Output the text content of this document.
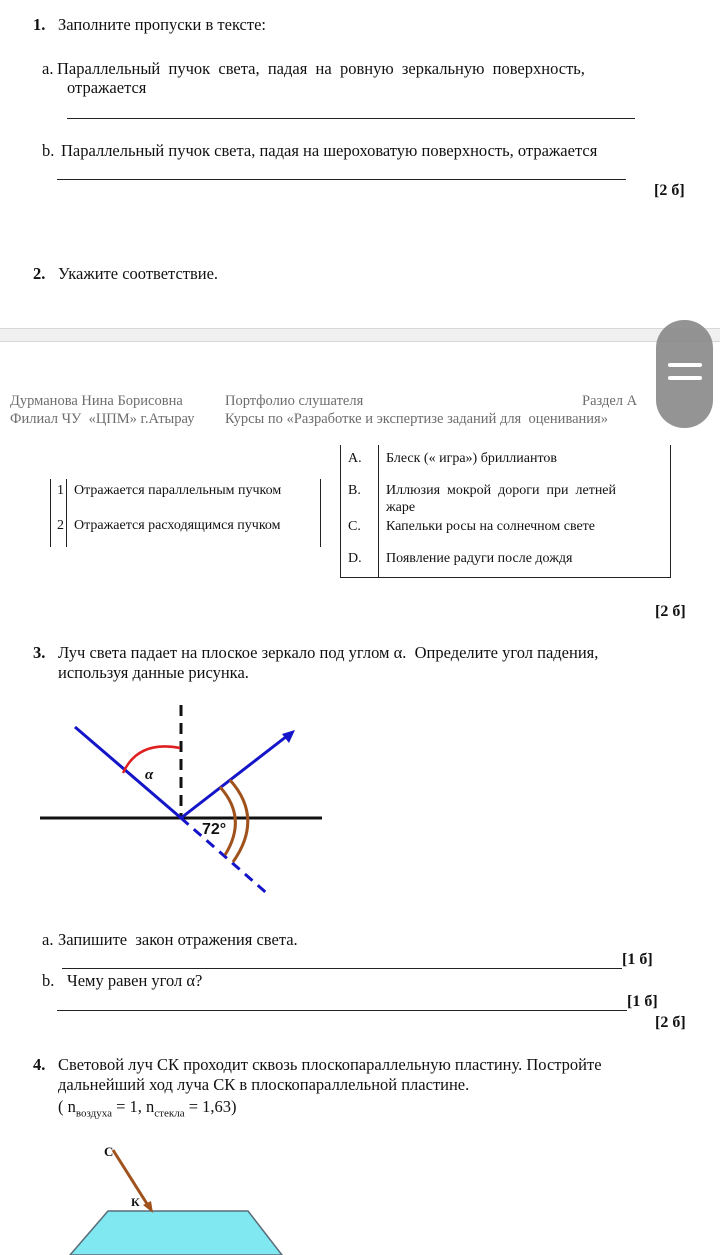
1. Заполните пропуски в тексте:
a. Параллельный  пучок  света,  падая  на  ровную  зеркальную  поверхность,
отражается
b. Параллельный пучок света, падая на шероховатую поверхность, отражается
[2 б]
2. Укажите соответствие.
Дурманова Нина Борисовна	Портфолио слушателя	Раздел А
Филиал ЧУ  «ЦПМ» г.Атырау Курсы по «Разработке и экспертизе заданий для  оценивания»
1 Отражается параллельным пучком
2 Отражается расходящимся пучком
A. Блеск (« игра») бриллиантов
B. Иллюзия  мокрой  дороги  при  летней
жаре
C. Капельки росы на солнечном свете
D. Появление радуги после дождя
[2 б]
3. Луч света падает на плоское зеркало под углом α.  Определите угол падения,
используя данные рисунка.
α
72°
a. Запишите  закон отражения света.
[1 б]
b. Чему равен угол α?
[1 б]
[2 б]
4. Световой луч СК проходит сквозь плоскопараллельную пластину. Постройте
дальнейший ход луча СК в плоскопараллельной пластине.
( $n_{воздуха} = 1$, $n_{стекла} = 1,63$)
С
К
